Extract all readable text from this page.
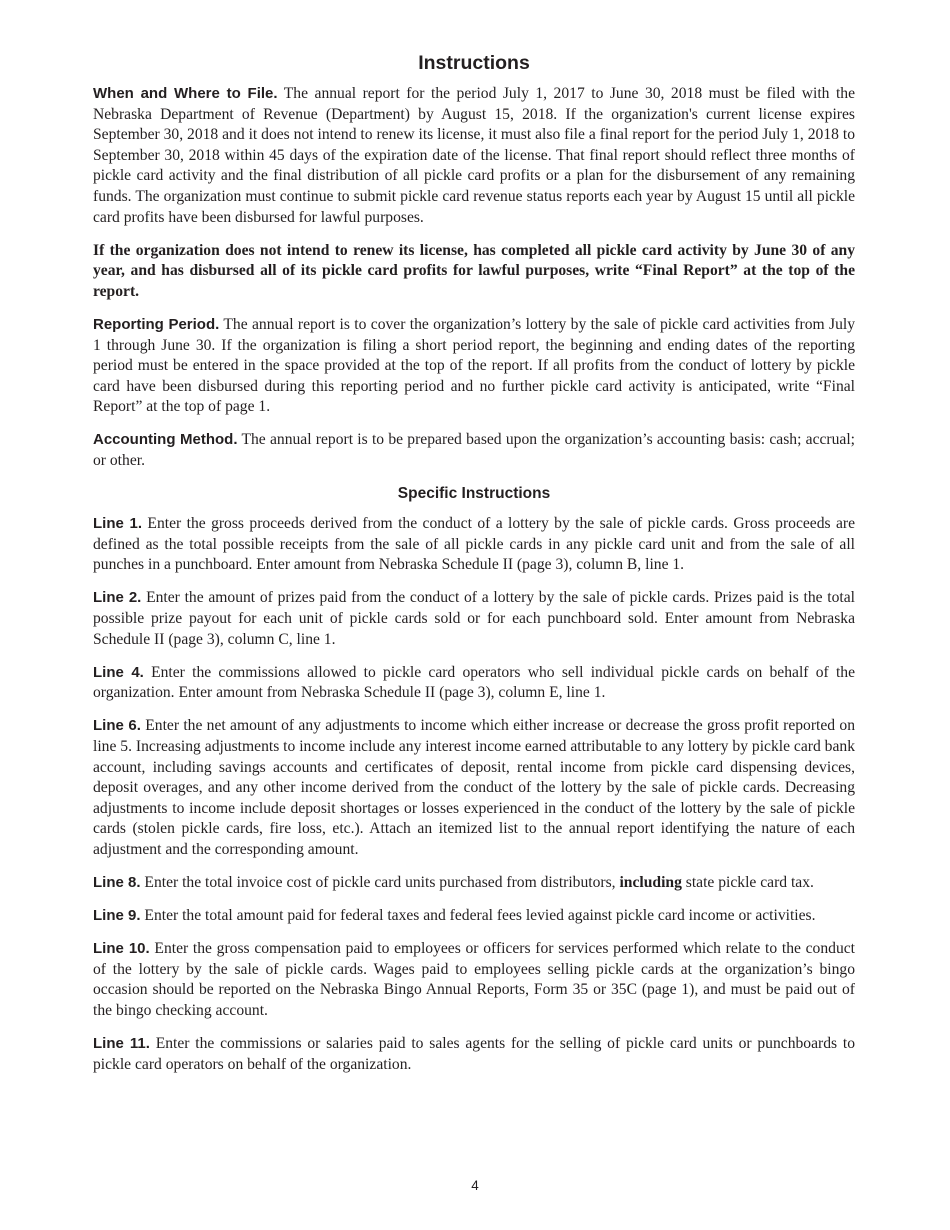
Instructions

When and Where to File. The annual report for the period July 1, 2017 to June 30, 2018 must be filed with the Nebraska Department of Revenue (Department) by August 15, 2018. If the organization's current license expires September 30, 2018 and it does not intend to renew its license, it must also file a final report for the period July 1, 2018 to September 30, 2018 within 45 days of the expiration date of the license. That final report should reflect three months of pickle card activity and the final distribution of all pickle card profits or a plan for the disbursement of any remaining funds. The organization must continue to submit pickle card revenue status reports each year by August 15 until all pickle card profits have been disbursed for lawful purposes.

If the organization does not intend to renew its license, has completed all pickle card activity by June 30 of any year, and has disbursed all of its pickle card profits for lawful purposes, write “Final Report” at the top of the report.

Reporting Period. The annual report is to cover the organization’s lottery by the sale of pickle card activities from July 1 through June 30. If the organization is filing a short period report, the beginning and ending dates of the reporting period must be entered in the space provided at the top of the report. If all profits from the conduct of lottery by pickle card have been disbursed during this reporting period and no further pickle card activity is anticipated, write “Final Report” at the top of page 1.

Accounting Method. The annual report is to be prepared based upon the organization’s accounting basis: cash; accrual; or other.

Specific Instructions

Line 1. Enter the gross proceeds derived from the conduct of a lottery by the sale of pickle cards. Gross proceeds are defined as the total possible receipts from the sale of all pickle cards in any pickle card unit and from the sale of all punches in a punchboard. Enter amount from Nebraska Schedule II (page 3), column B, line 1.

Line 2. Enter the amount of prizes paid from the conduct of a lottery by the sale of pickle cards. Prizes paid is the total possible prize payout for each unit of pickle cards sold or for each punchboard sold. Enter amount from Nebraska Schedule II (page 3), column C, line 1.

Line 4. Enter the commissions allowed to pickle card operators who sell individual pickle cards on behalf of the organization. Enter amount from Nebraska Schedule II (page 3), column E, line 1.

Line 6. Enter the net amount of any adjustments to income which either increase or decrease the gross profit reported on line 5. Increasing adjustments to income include any interest income earned attributable to any lottery by pickle card bank account, including savings accounts and certificates of deposit, rental income from pickle card dispensing devices, deposit overages, and any other income derived from the conduct of the lottery by the sale of pickle cards. Decreasing adjustments to income include deposit shortages or losses experienced in the conduct of the lottery by the sale of pickle cards (stolen pickle cards, fire loss, etc.). Attach an itemized list to the annual report identifying the nature of each adjustment and the corresponding amount.

Line 8. Enter the total invoice cost of pickle card units purchased from distributors, including state pickle card tax.

Line 9. Enter the total amount paid for federal taxes and federal fees levied against pickle card income or activities.

Line 10. Enter the gross compensation paid to employees or officers for services performed which relate to the conduct of the lottery by the sale of pickle cards. Wages paid to employees selling pickle cards at the organization’s bingo occasion should be reported on the Nebraska Bingo Annual Reports, Form 35 or 35C (page 1), and must be paid out of the bingo checking account.

Line 11. Enter the commissions or salaries paid to sales agents for the selling of pickle card units or punchboards to pickle card operators on behalf of the organization.

4
